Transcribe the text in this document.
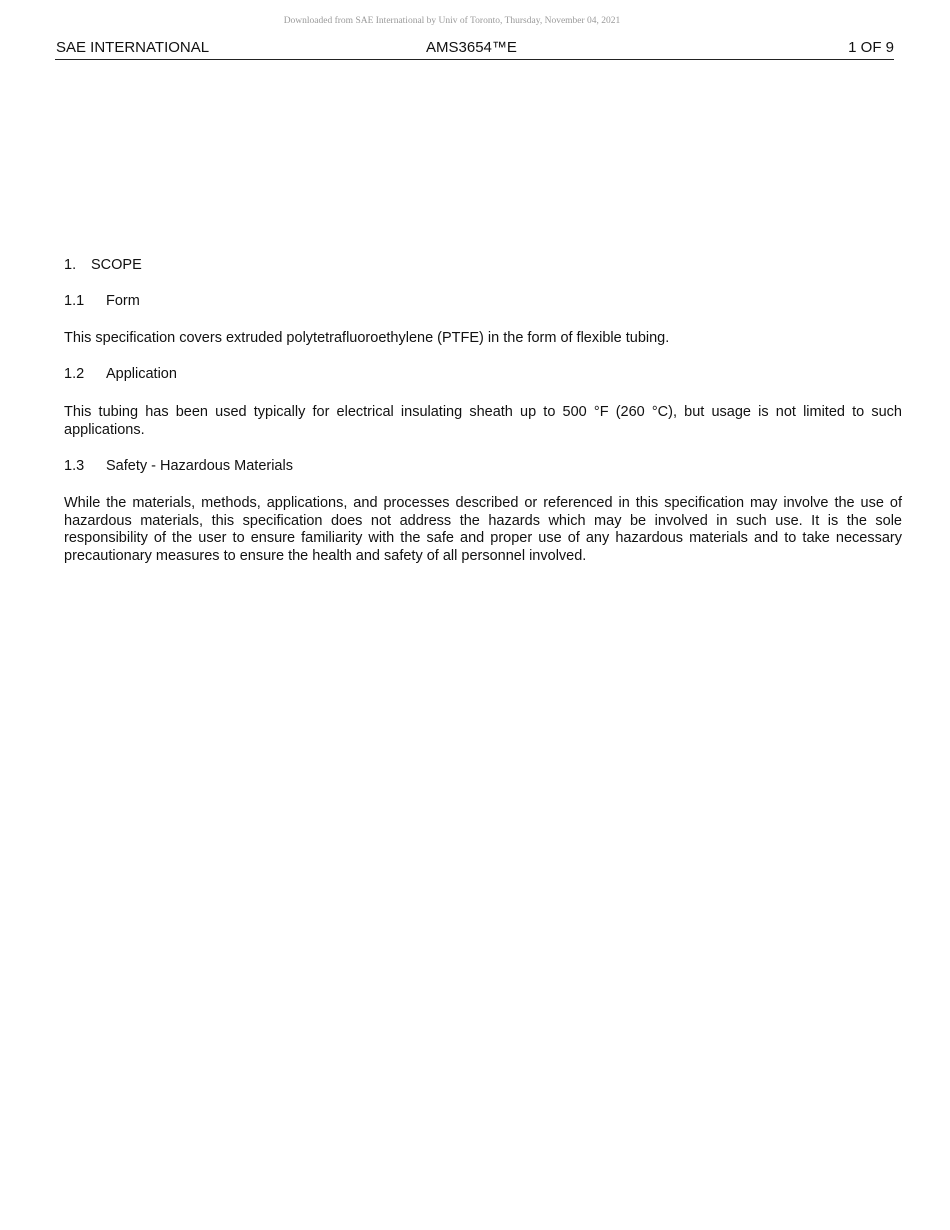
Downloaded from SAE International by Univ of Toronto, Thursday, November 04, 2021
SAE INTERNATIONAL	AMS3654™E	1 OF 9
1. SCOPE
1.1 Form
This specification covers extruded polytetrafluoroethylene (PTFE) in the form of flexible tubing.
1.2 Application
This tubing has been used typically for electrical insulating sheath up to 500 °F (260 °C), but usage is not limited to such applications.
1.3 Safety - Hazardous Materials
While the materials, methods, applications, and processes described or referenced in this specification may involve the use of hazardous materials, this specification does not address the hazards which may be involved in such use. It is the sole responsibility of the user to ensure familiarity with the safe and proper use of any hazardous materials and to take necessary precautionary measures to ensure the health and safety of all personnel involved.
